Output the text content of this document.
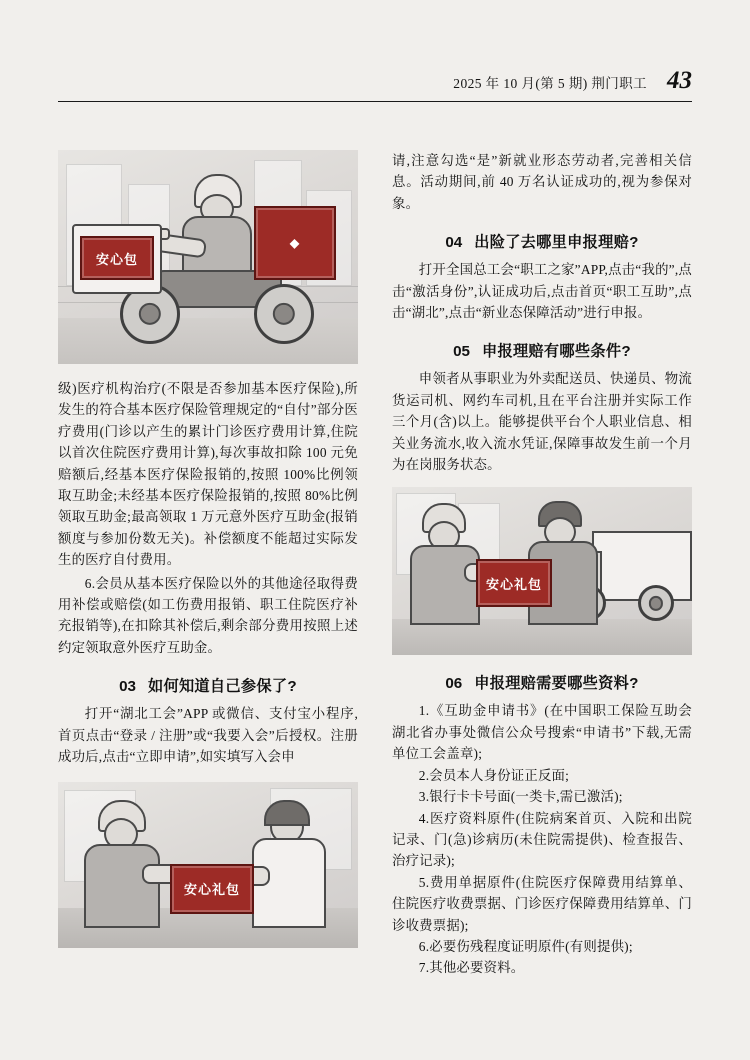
2025 年 10 月(第 5 期) 荆门职工 43
◆
安心包

级)医疗机构治疗(不限是否参加基本医疗保险),所发生的符合基本医疗保险管理规定的“自付”部分医疗费用(门诊以产生的累计门诊医疗费用计算,住院以首次住院医疗费用计算),每次事故扣除 100 元免赔额后,经基本医疗保险报销的,按照 100%比例领取互助金;未经基本医疗保险报销的,按照 80%比例领取互助金;最高领取 1 万元意外医疗互助金(报销额度与参加份数无关)。补偿额度不能超过实际发生的医疗自付费用。

6.会员从基本医疗保险以外的其他途径取得费用补偿或赔偿(如工伤费用报销、职工住院医疗补充报销等),在扣除其补偿后,剩余部分费用按照上述约定领取意外医疗互助金。

03 如何知道自己参保了?

打开“湖北工会”APP 或微信、支付宝小程序,首页点击“登录 / 注册”或“我要入会”后授权。注册成功后,点击“立即申请”,如实填写入会申

安心礼包

请,注意勾选“是”新就业形态劳动者,完善相关信息。活动期间,前 40 万名认证成功的,视为参保对象。

04 出险了去哪里申报理赔?

打开全国总工会“职工之家”APP,点击“我的”,点击“激活身份”,认证成功后,点击首页“职工互助”,点击“湖北”,点击“新业态保障活动”进行申报。

05 申报理赔有哪些条件?

申领者从事职业为外卖配送员、快递员、物流货运司机、网约车司机,且在平台注册并实际工作三个月(含)以上。能够提供平台个人职业信息、相关业务流水,收入流水凭证,保障事故发生前一个月为在岗服务状态。

安心礼包
06 申报理赔需要哪些资料?

1.《互助金申请书》(在中国职工保险互助会湖北省办事处微信公众号搜索“申请书”下载,无需单位工会盖章);

2.会员本人身份证正反面;

3.银行卡卡号面(一类卡,需已激活);

4.医疗资料原件(住院病案首页、入院和出院记录、门(急)诊病历(未住院需提供)、检查报告、治疗记录);

5.费用单据原件(住院医疗保障费用结算单、住院医疗收费票据、门诊医疗保障费用结算单、门诊收费票据);

6.必要伤残程度证明原件(有则提供);

7.其他必要资料。
